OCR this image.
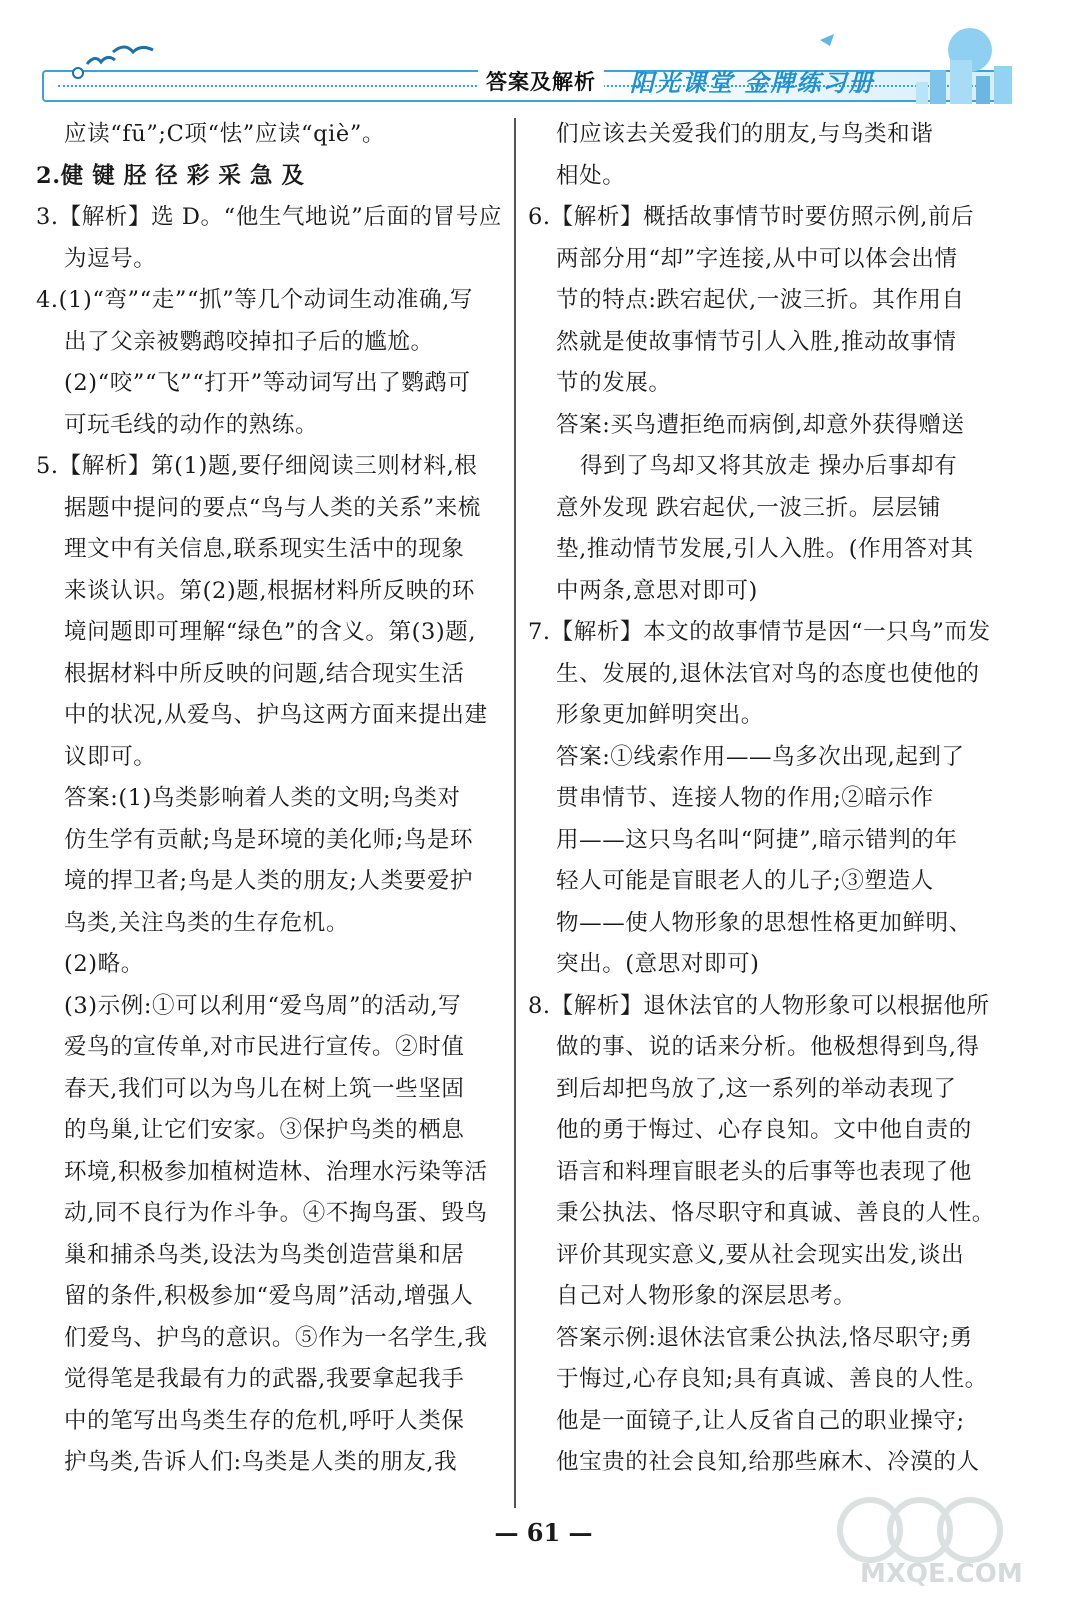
答案及解析	阳光课堂 金牌练习册
应读“fū”;C项“怯”应读“qiè”。
2.健 键 胫 径 彩 采 急 及
3.【解析】选 D。“他生气地说”后面的冒号应
为逗号。
4.(1)“弯”“走”“抓”等几个动词生动准确,写
出了父亲被鹦鹉咬掉扣子后的尴尬。
(2)“咬”“飞”“打开”等动词写出了鹦鹉可
可玩毛线的动作的熟练。
5.【解析】第(1)题,要仔细阅读三则材料,根
据题中提问的要点“鸟与人类的关系”来梳
理文中有关信息,联系现实生活中的现象
来谈认识。第(2)题,根据材料所反映的环
境问题即可理解“绿色”的含义。第(3)题,
根据材料中所反映的问题,结合现实生活
中的状况,从爱鸟、护鸟这两方面来提出建
议即可。
答案:(1)鸟类影响着人类的文明;鸟类对
仿生学有贡献;鸟是环境的美化师;鸟是环
境的捍卫者;鸟是人类的朋友;人类要爱护
鸟类,关注鸟类的生存危机。
(2)略。
(3)示例:①可以利用“爱鸟周”的活动,写
爱鸟的宣传单,对市民进行宣传。②时值
春天,我们可以为鸟儿在树上筑一些坚固
的鸟巢,让它们安家。③保护鸟类的栖息
环境,积极参加植树造林、治理水污染等活
动,同不良行为作斗争。④不掏鸟蛋、毁鸟
巢和捕杀鸟类,设法为鸟类创造营巢和居
留的条件,积极参加“爱鸟周”活动,增强人
们爱鸟、护鸟的意识。⑤作为一名学生,我
觉得笔是我最有力的武器,我要拿起我手
中的笔写出鸟类生存的危机,呼吁人类保
护鸟类,告诉人们:鸟类是人类的朋友,我
们应该去关爱我们的朋友,与鸟类和谐
相处。
6.【解析】概括故事情节时要仿照示例,前后
两部分用“却”字连接,从中可以体会出情
节的特点:跌宕起伏,一波三折。其作用自
然就是使故事情节引人入胜,推动故事情
节的发展。
答案:买鸟遭拒绝而病倒,却意外获得赠送
得到了鸟却又将其放走 操办后事却有
意外发现 跌宕起伏,一波三折。层层铺
垫,推动情节发展,引人入胜。(作用答对其
中两条,意思对即可)
7.【解析】本文的故事情节是因“一只鸟”而发
生、发展的,退休法官对鸟的态度也使他的
形象更加鲜明突出。
答案:①线索作用——鸟多次出现,起到了
贯串情节、连接人物的作用;②暗示作
用——这只鸟名叫“阿捷”,暗示错判的年
轻人可能是盲眼老人的儿子;③塑造人
物——使人物形象的思想性格更加鲜明、
突出。(意思对即可)
8.【解析】退休法官的人物形象可以根据他所
做的事、说的话来分析。他极想得到鸟,得
到后却把鸟放了,这一系列的举动表现了
他的勇于悔过、心存良知。文中他自责的
语言和料理盲眼老头的后事等也表现了他
秉公执法、恪尽职守和真诚、善良的人性。
评价其现实意义,要从社会现实出发,谈出
自己对人物形象的深层思考。
答案示例:退休法官秉公执法,恪尽职守;勇
于悔过,心存良知;具有真诚、善良的人性。
他是一面镜子,让人反省自己的职业操守;
他宝贵的社会良知,给那些麻木、冷漠的人
— 61 —
MXQE.COM
